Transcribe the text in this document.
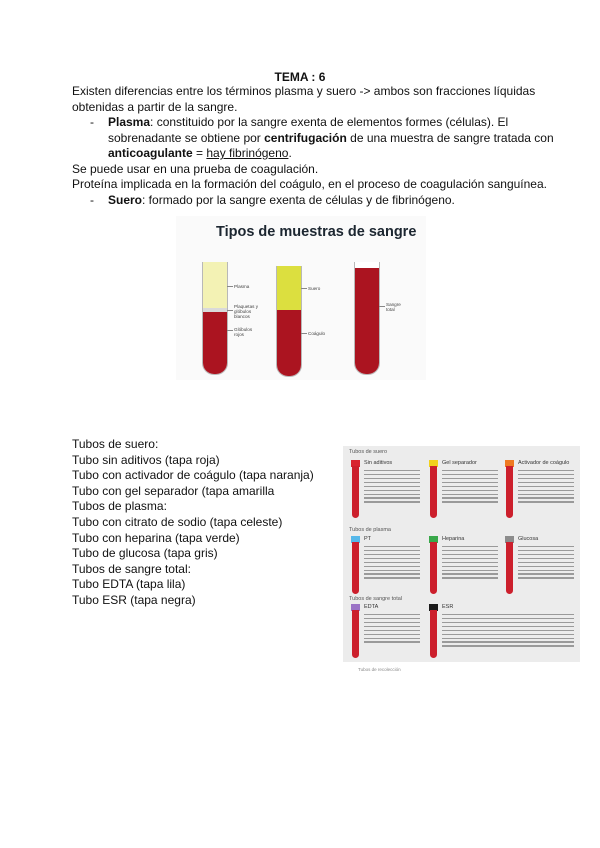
TEMA : 6
Existen diferencias entre los términos plasma y suero -> ambos son fracciones líquidas
obtenidas a partir de la sangre.
- Plasma: constituido por la sangre exenta de elementos formes (células). El
sobrenadante se obtiene por centrifugación de una muestra de sangre tratada con
anticoagulante = hay fibrinógeno.
Se puede usar en una prueba de coagulación.
Proteína implicada en la formación del coágulo, en el proceso de coagulación sanguínea.
- Suero: formado por la sangre exenta de células y de fibrinógeno.
Tipos de muestras de sangre
Plasma
Plaquetas y glóbulos blancos
Glóbulos rojos
Suero
Coágulo
Sangre total
Tubos de suero:
Tubo sin aditivos (tapa roja)
Tubo con activador de coágulo (tapa naranja)
Tubo con gel separador (tapa amarilla
Tubos de plasma:
Tubo con citrato de sodio (tapa celeste)
Tubo con heparina (tapa verde)
Tubo de glucosa (tapa gris)
Tubos de sangre total:
Tubo EDTA (tapa lila)
Tubo ESR (tapa negra)
Tubos de suero
Tubos de plasma
Tubos de sangre total
Sin aditivos	Gel separador	Activador de coágulo
PT	Heparina	Glucosa
EDTA	ESR
Tubos de recolección
